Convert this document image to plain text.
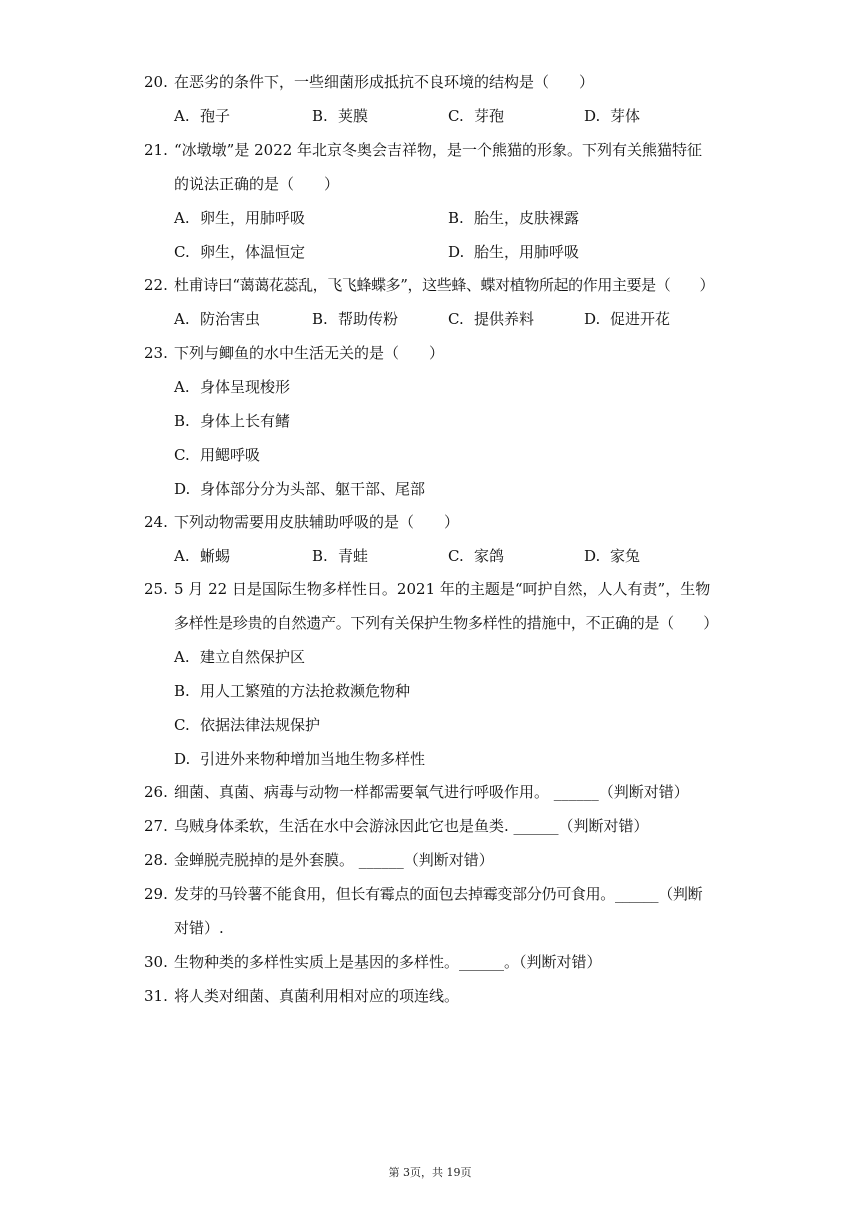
20. 在恶劣的条件下，一些细菌形成抵抗不良环境的结构是（　　）
A. 孢子	B. 荚膜	C. 芽孢	D. 芽体
21. “冰墩墩”是 2022 年北京冬奥会吉祥物，是一个熊猫的形象。下列有关熊猫特征
的说法正确的是（　　）
A. 卵生，用肺呼吸	B. 胎生，皮肤裸露
C. 卵生，体温恒定	D. 胎生，用肺呼吸
22. 杜甫诗曰“蔼蔼花蕊乱，飞飞蜂蝶多”，这些蜂、蝶对植物所起的作用主要是（　　）
A. 防治害虫	B. 帮助传粉	C. 提供养料	D. 促进开花
23. 下列与鲫鱼的水中生活无关的是（　　）
A. 身体呈现梭形
B. 身体上长有鳍
C. 用鳃呼吸
D. 身体部分分为头部、躯干部、尾部
24. 下列动物需要用皮肤辅助呼吸的是（　　）
A. 蜥蜴	B. 青蛙	C. 家鸽	D. 家兔
25. 5 月 22 日是国际生物多样性日。2021 年的主题是“呵护自然，人人有责”，生物
多样性是珍贵的自然遗产。下列有关保护生物多样性的措施中，不正确的是（　　）
A. 建立自然保护区
B. 用人工繁殖的方法抢救濒危物种
C. 依据法律法规保护
D. 引进外来物种增加当地生物多样性
26. 细菌、真菌、病毒与动物一样都需要氧气进行呼吸作用。 ______（判断对错）
27. 乌贼身体柔软，生活在水中会游泳因此它也是鱼类. ______（判断对错）
28. 金蝉脱壳脱掉的是外套膜。 ______（判断对错）
29. 发芽的马铃薯不能食用，但长有霉点的面包去掉霉变部分仍可食用。______（判断
对错）.
30. 生物种类的多样性实质上是基因的多样性。______。（判断对错）
31. 将人类对细菌、真菌利用相对应的项连线。
第 3页，共 19页
